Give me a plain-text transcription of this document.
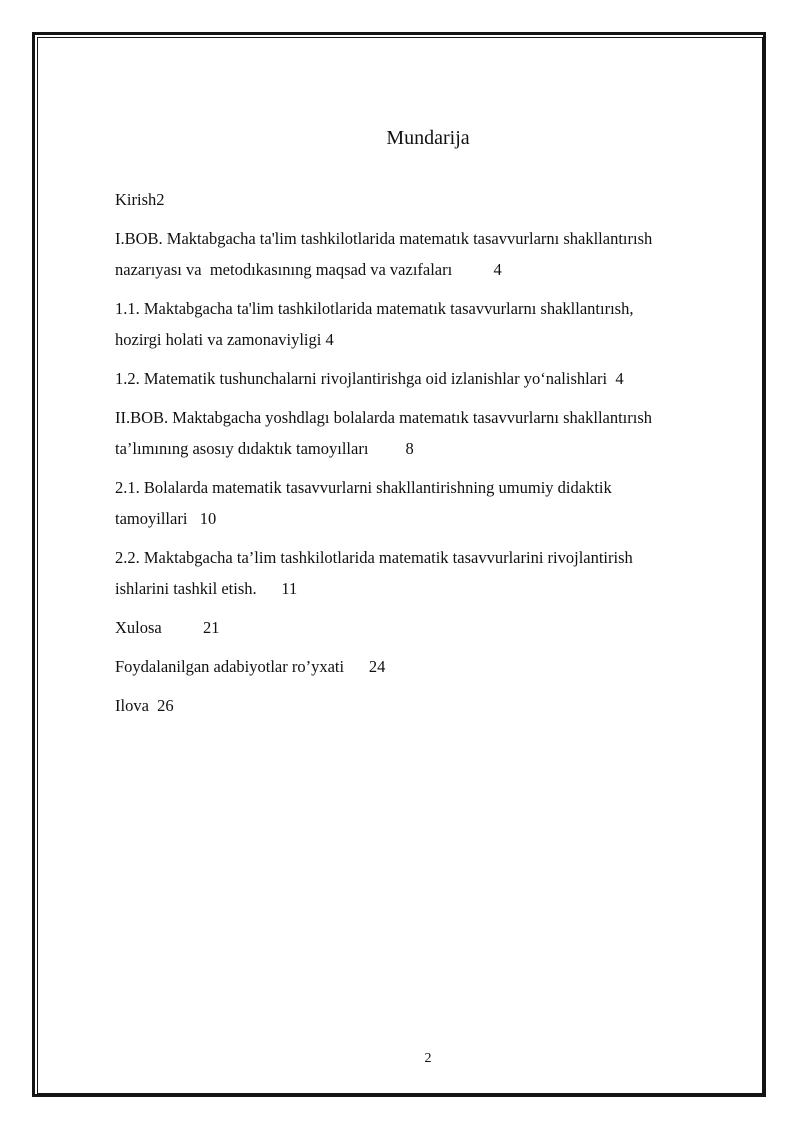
Mundarija
Kirish2
I.BOB. Maktabgacha ta'lim tashkilotlarida matematık tasavvurlarnı shakllantırısh
nazarıyası va  metodıkasınıng maqsad va vazıfaları	4
1.1. Maktabgacha ta'lim tashkilotlarida matematık tasavvurlarnı shakllantırısh,
hozirgi holati va zamonaviyligi 4
1.2. Matematik tushunchalarni rivojlantirishga oid izlanishlar yo‘nalishlari 4
II.BOB. Maktabgacha yoshdlagı bolalarda matematık tasavvurlarnı shakllantırısh
ta’lımınıng asosıy dıdaktık tamoyılları 8
2.1. Bolalarda matematik tasavvurlarni shakllantirishning umumiy didaktik
tamoyillari 10
2.2. Maktabgacha ta’lim tashkilotlarida matematik tasavvurlarini rivojlantirish
ishlarini tashkil etish. 11
Xulosa	21
Foydalanilgan adabiyotlar ro’yxati 24
Ilova 26
2
